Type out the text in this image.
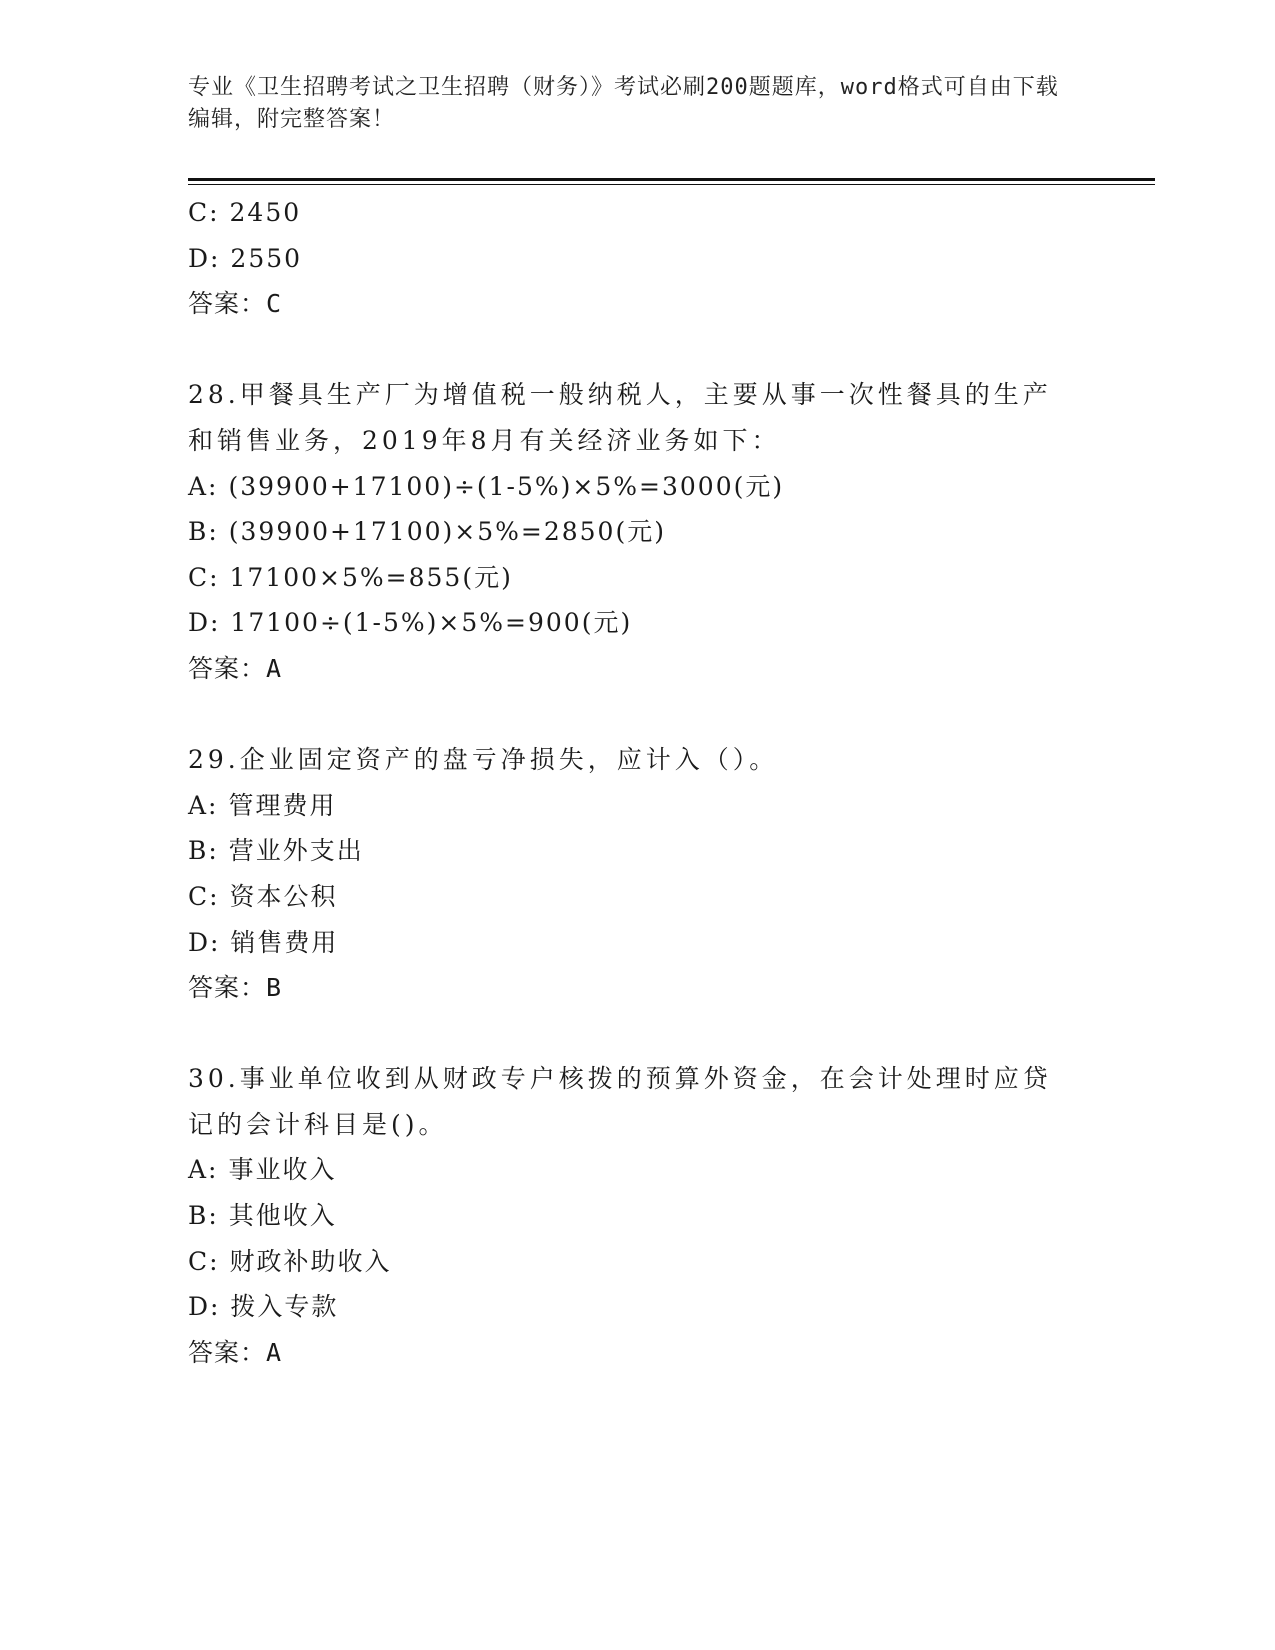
专业《卫生招聘考试之卫生招聘（财务）》考试必刷200题题库，word格式可自由下载编辑，附完整答案！
C: 2450
D: 2550
答案：C
28.甲餐具生产厂为增值税一般纳税人，主要从事一次性餐具的生产和销售业务，2019年8月有关经济业务如下：
A: (39900+17100)÷(1-5%)×5%=3000(元)
B: (39900+17100)×5%=2850(元)
C: 17100×5%=855(元)
D: 17100÷(1-5%)×5%=900(元)
答案：A
29.企业固定资产的盘亏净损失，应计入（）。
A: 管理费用
B: 营业外支出
C: 资本公积
D: 销售费用
答案：B
30.事业单位收到从财政专户核拨的预算外资金，在会计处理时应贷记的会计科目是()。
A: 事业收入
B: 其他收入
C: 财政补助收入
D: 拨入专款
答案：A
